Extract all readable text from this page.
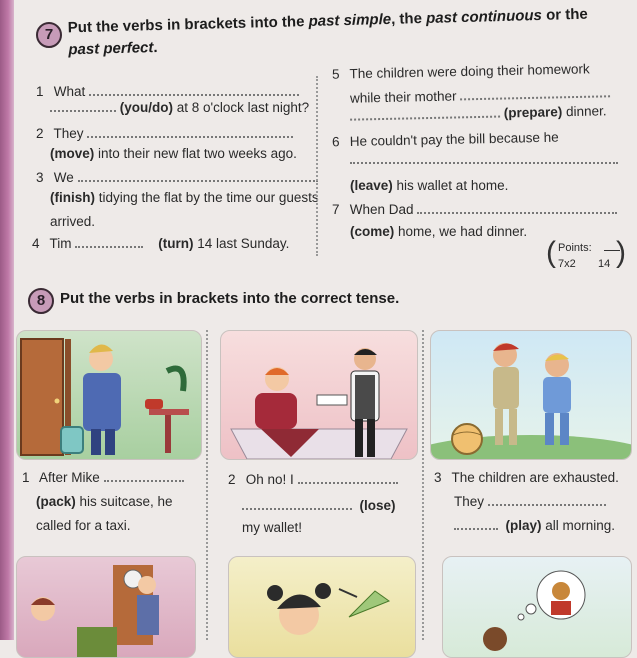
7 Put the verbs in brackets into the past simple, the past continuous or the
past perfect.
1 What
(you/do) at 8 o'clock last night?
2 They
(move) into their new flat two weeks ago.
3 We
(finish) tidying the flat by the time our guests
arrived.
4 Tim	(turn) 14 last Sunday.
5 The children were doing their homework
while their mother
(prepare) dinner.
6 He couldn't pay the bill because he
(leave) his wallet at home.
7 When Dad
(come) home, we had dinner.
( Points:
7x2 14 )
8 Put the verbs in brackets into the correct tense.
1 After Mike
(pack) his suitcase, he
called for a taxi.
2 Oh no! I
(lose)
my wallet!
3 The children are exhausted.
They
(play) all morning.
